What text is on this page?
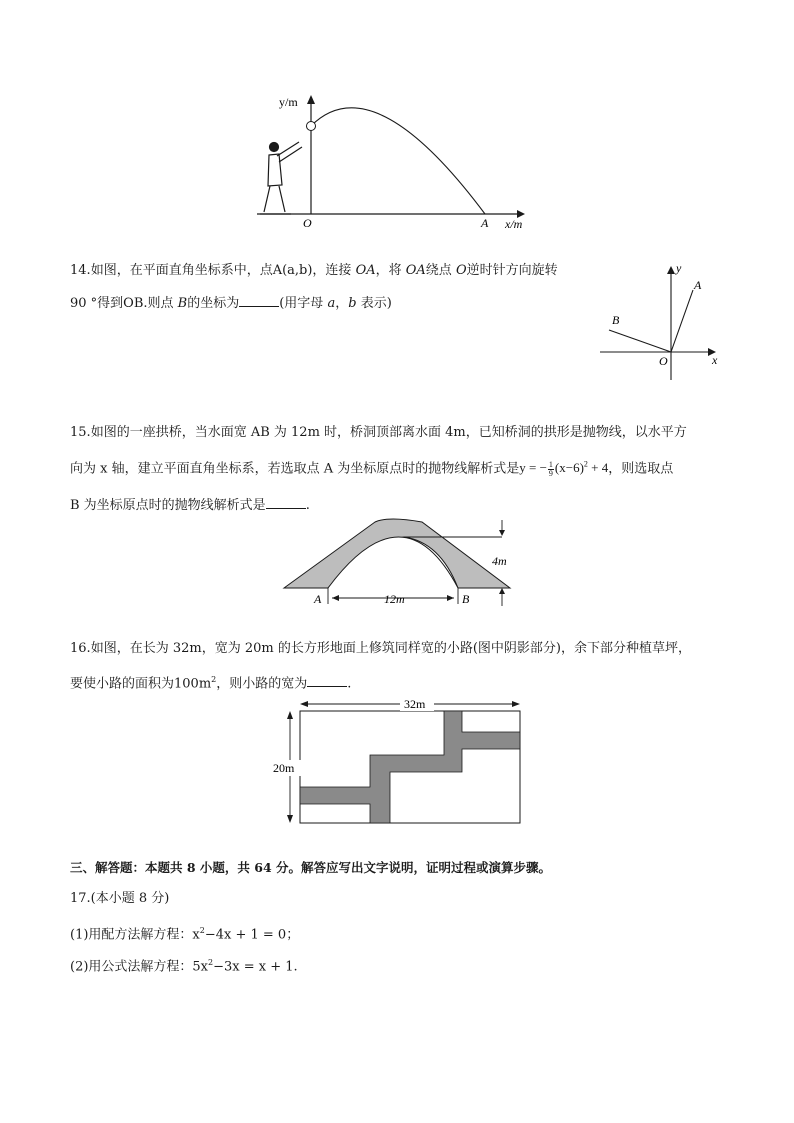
y/m
x/m
O	A
14.如图，在平面直角坐标系中，点A(a,b)，连接 OA，将 OA绕点 O逆时针方向旋转
90 °得到OB.则点 B的坐标为	(用字母 a，b 表示)
y
x
A
B
O
15.如图的一座拱桥，当水面宽 AB 为 12m 时，桥洞顶部离水面 4m，已知桥洞的拱形是抛物线，以水平方
向为 x 轴，建立平面直角坐标系，若选取点 A 为坐标原点时的抛物线解析式是y = − $\frac{1}{9} (x-6)^2 + 4$，则选取点
B 为坐标原点时的抛物线解析式是	.
4m
12m
A	B
16.如图，在长为 32m，宽为 20m 的长方形地面上修筑同样宽的小路(图中阴影部分)，余下部分种植草坪，
要使小路的面积为$100m^2$，则小路的宽为	.
32m
20m
三、解答题：本题共 8 小题，共 64 分。解答应写出文字说明，证明过程或演算步骤。
17.(本小题 8 分)
(1)用配方法解方程：$x^2-4x + 1 = 0$；
(2)用公式法解方程：$5x^2-3x = x + 1$.
